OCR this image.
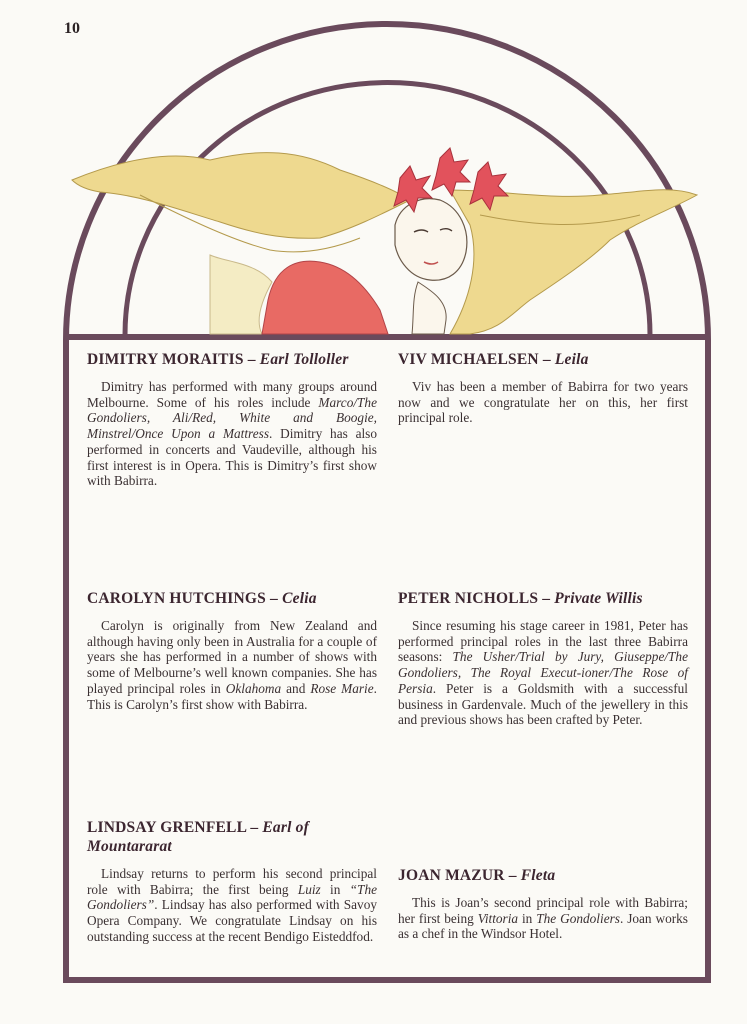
10
DIMITRY MORAITIS – Earl Tolloller

Dimitry has performed with many groups around Melbourne. Some of his roles include Marco/The Gondoliers, Ali/Red, White and Boogie, Minstrel/Once Upon a Mattress. Dimitry has also performed in concerts and Vaudeville, although his first interest is in Opera. This is Dimitry’s first show with Babirra.

VIV MICHAELSEN – Leila

Viv has been a member of Babirra for two years now and we congratulate her on this, her first principal role.

CAROLYN HUTCHINGS – Celia

Carolyn is originally from New Zealand and although having only been in Australia for a couple of years she has performed in a number of shows with some of Melbourne’s well known companies. She has played principal roles in Oklahoma and Rose Marie. This is Carolyn’s first show with Babirra.

PETER NICHOLLS – Private Willis

Since resuming his stage career in 1981, Peter has performed principal roles in the last three Babirra seasons: The Usher/Trial by Jury, Giuseppe/The Gondoliers, The Royal Execut-ioner/The Rose of Persia. Peter is a Goldsmith with a successful business in Gardenvale. Much of the jewellery in this and previous shows has been crafted by Peter.

LINDSAY GRENFELL – Earl of Mountararat

Lindsay returns to perform his second principal role with Babirra; the first being Luiz in “The Gondoliers”. Lindsay has also performed with Savoy Opera Company. We congratulate Lindsay on his outstanding success at the recent Bendigo Eisteddfod.

JOAN MAZUR – Fleta

This is Joan’s second principal role with Babirra; her first being Vittoria in The Gondoliers. Joan works as a chef in the Windsor Hotel.
